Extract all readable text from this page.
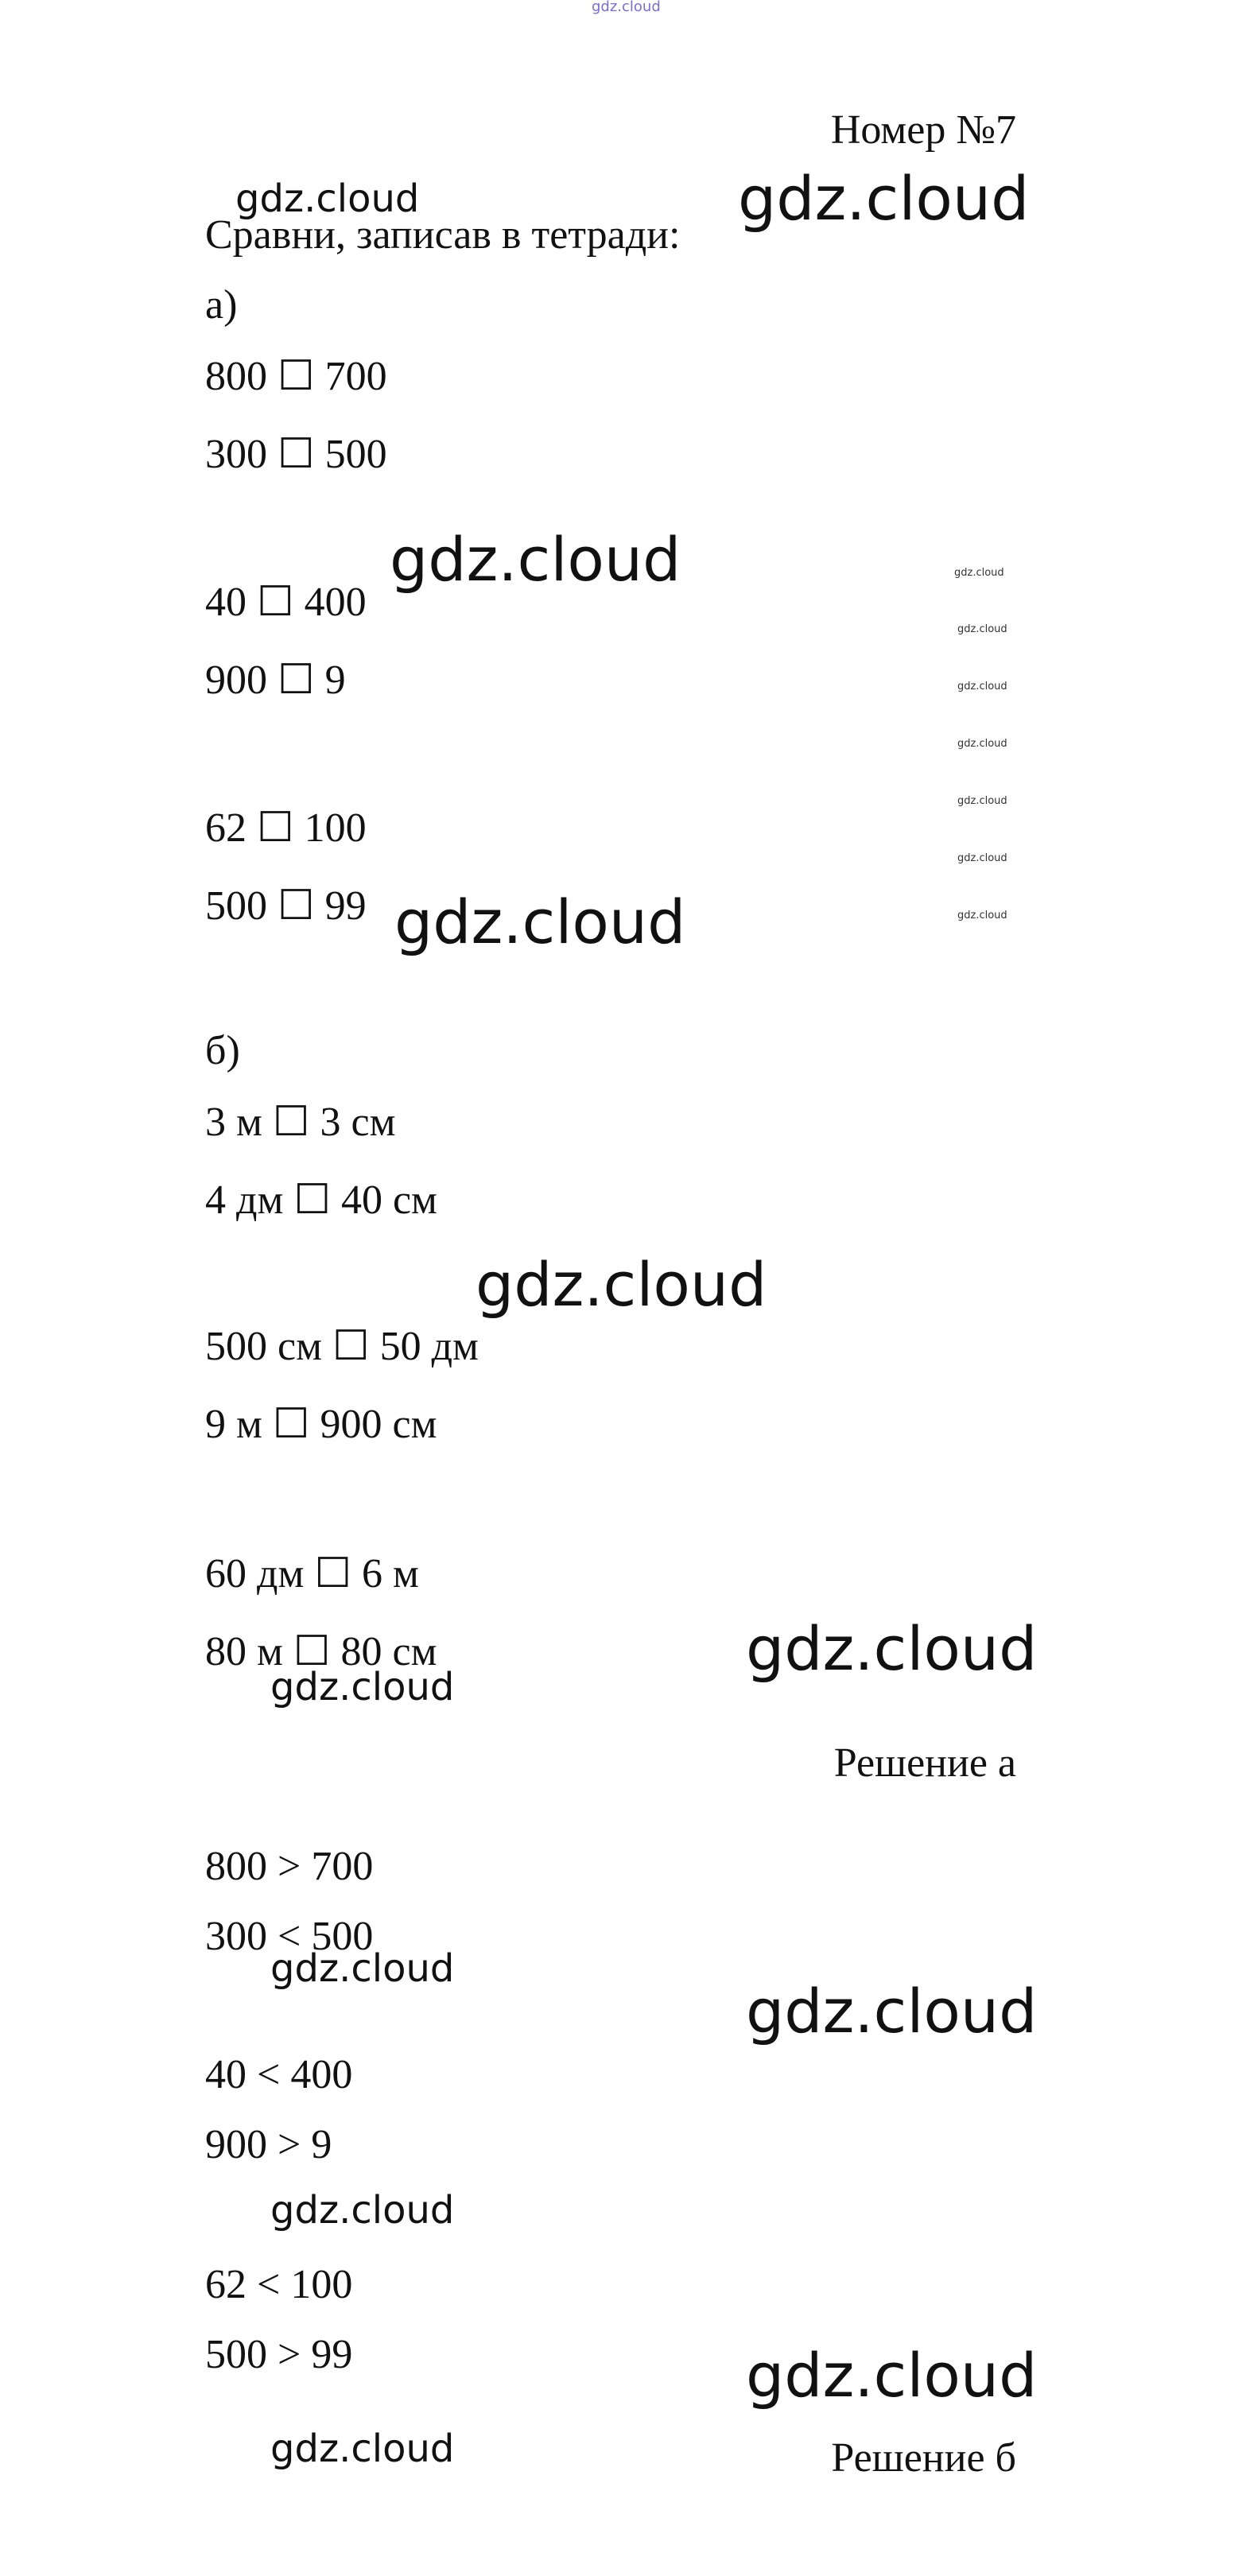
gdz.cloud
Номер №7
gdz.cloud	gdz.cloud
Сравни, записав в тетради:
а)
800 ☐ 700
300 ☐ 500
gdz.cloud
40 ☐ 400
900 ☐ 9
gdz.cloud
gdz.cloud
gdz.cloud
gdz.cloud
gdz.cloud
gdz.cloud
gdz.cloud
62 ☐ 100
500 ☐ 99 gdz.cloud
б)
3 м ☐ 3 см
4 дм ☐ 40 см
gdz.cloud
500 см ☐ 50 дм
9 м ☐ 900 см
60 дм ☐ 6 м
80 м ☐ 80 см	gdz.cloud
gdz.cloud
Решение а
800 > 700
300 < 500
gdz.cloud
gdz.cloud
40 < 400
900 > 9
gdz.cloud
62 < 100
500 > 99	gdz.cloud
gdz.cloud	Решение б
